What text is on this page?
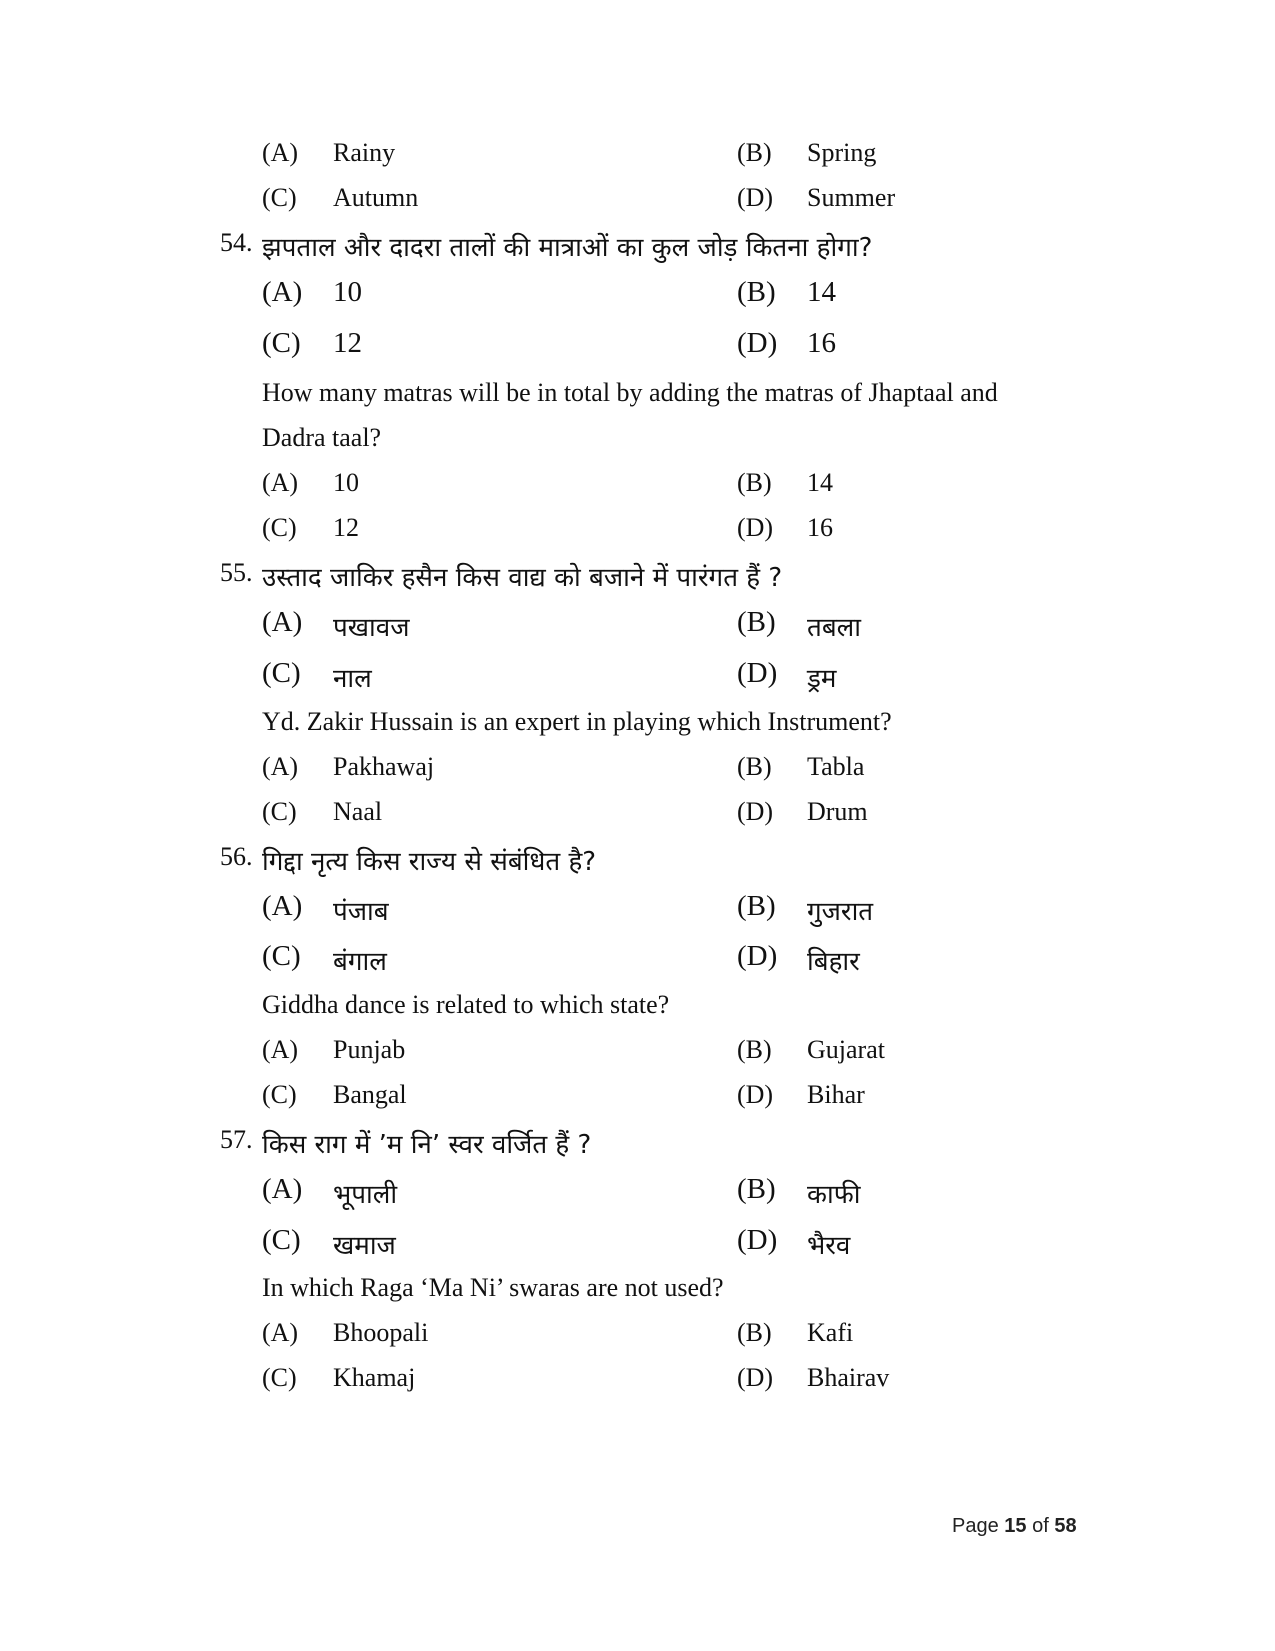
(A) Rainy	(B) Spring
(C) Autumn	(D) Summer
54. झपताल और दादरा तालों की मात्राओं का कुल जोड़ कितना होगा?
(A) 10	(B) 14
(C) 12	(D) 16
How many matras will be in total by adding the matras of Jhaptaal and
Dadra taal?
(A) 10	(B) 14
(C) 12	(D) 16
55. उस्ताद जाकिर हसैन किस वाद्य को बजाने में पारंगत हैं ?
(A) पखावज	(B) तबला
(C) नाल	(D) ड्रम
Yd. Zakir Hussain is an expert in playing which Instrument?
(A) Pakhawaj	(B) Tabla
(C) Naal	(D) Drum
56. गिद्दा नृत्य किस राज्य से संबंधित है?
(A) पंजाब	(B) गुजरात
(C) बंगाल	(D) बिहार
Giddha dance is related to which state?
(A) Punjab	(B) Gujarat
(C) Bangal	(D) Bihar
57. किस राग में ’म नि’ स्वर वर्जित हैं ?
(A) भूपाली	(B) काफी
(C) खमाज	(D) भैरव
In which Raga ‘Ma Ni’ swaras are not used?
(A) Bhoopali	(B) Kafi
(C) Khamaj	(D) Bhairav
Page 15 of 58
